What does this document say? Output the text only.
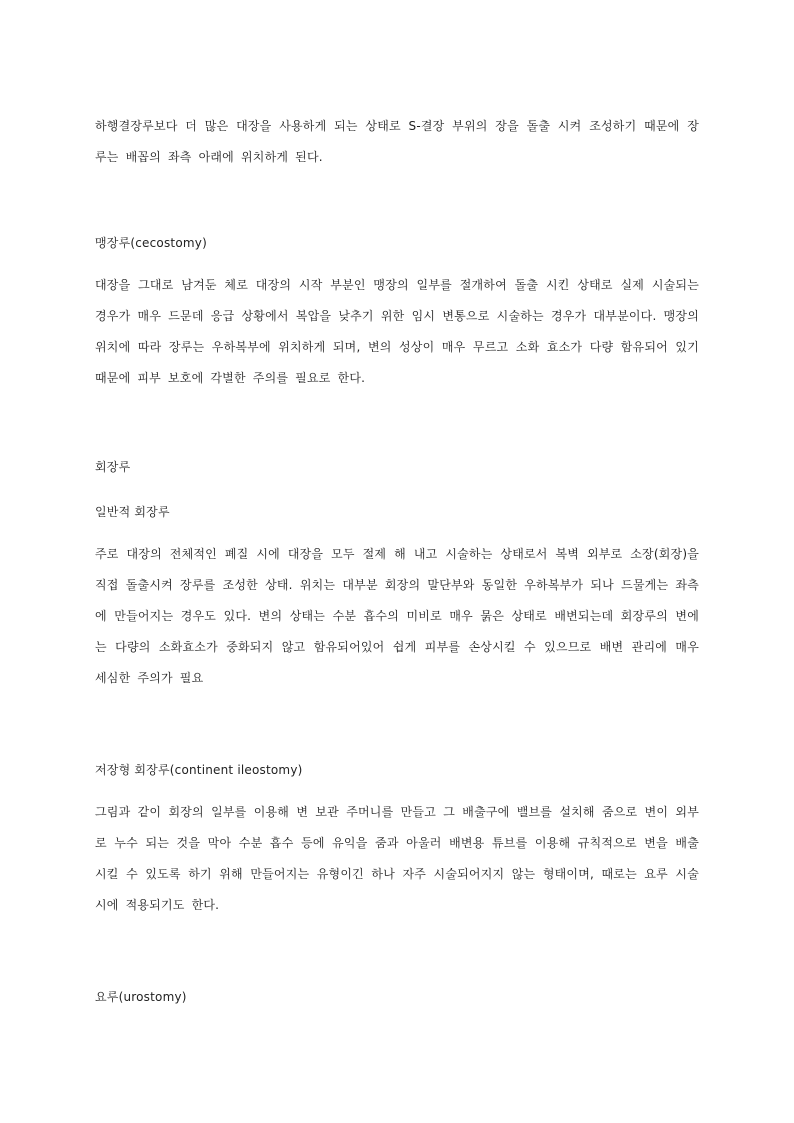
하행결장루보다 더 많은 대장을 사용하게 되는 상태로 S-결장 부위의 장을 돌출 시켜 조성하기 때문에 장루는 배꼽의 좌측 아래에 위치하게 된다.

맹장루(cecostomy)

대장을 그대로 남겨둔 체로 대장의 시작 부분인 맹장의 일부를 절개하여 돌출 시킨 상태로 실제 시술되는 경우가 매우 드문데 응급 상황에서 복압을 낮추기 위한 임시 변통으로 시술하는 경우가 대부분이다. 맹장의 위치에 따라 장루는 우하복부에 위치하게 되며, 변의 성상이 매우 무르고 소화 효소가 다량 함유되어 있기 때문에 피부 보호에 각별한 주의를 필요로 한다.

회장루

일반적 회장루

주로 대장의 전체적인 폐질 시에 대장을 모두 절제 해 내고 시술하는 상태로서 복벽 외부로 소장(회장)을 직접 돌출시켜 장루를 조성한 상태. 위치는 대부분 회장의 말단부와 동일한 우하복부가 되나 드물게는 좌측에 만들어지는 경우도 있다. 변의 상태는 수분 흡수의 미비로 매우 묽은 상태로 배변되는데 회장루의 변에는 다량의 소화효소가 중화되지 않고 함유되어있어 쉽게 피부를 손상시킬 수 있으므로 배변 관리에 매우 세심한 주의가 필요

저장형 회장루(continent ileostomy)

그림과 같이 회장의 일부를 이용해 변 보관 주머니를 만들고 그 배출구에 밸브를 설치해 줌으로 변이 외부로 누수 되는 것을 막아 수분 흡수 등에 유익을 줌과 아울러 배변용 튜브를 이용해 규칙적으로 변을 배출시킬 수 있도록 하기 위해 만들어지는 유형이긴 하나 자주 시술되어지지 않는 형태이며, 때로는 요루 시술 시에 적용되기도 한다.

요루(urostomy)
